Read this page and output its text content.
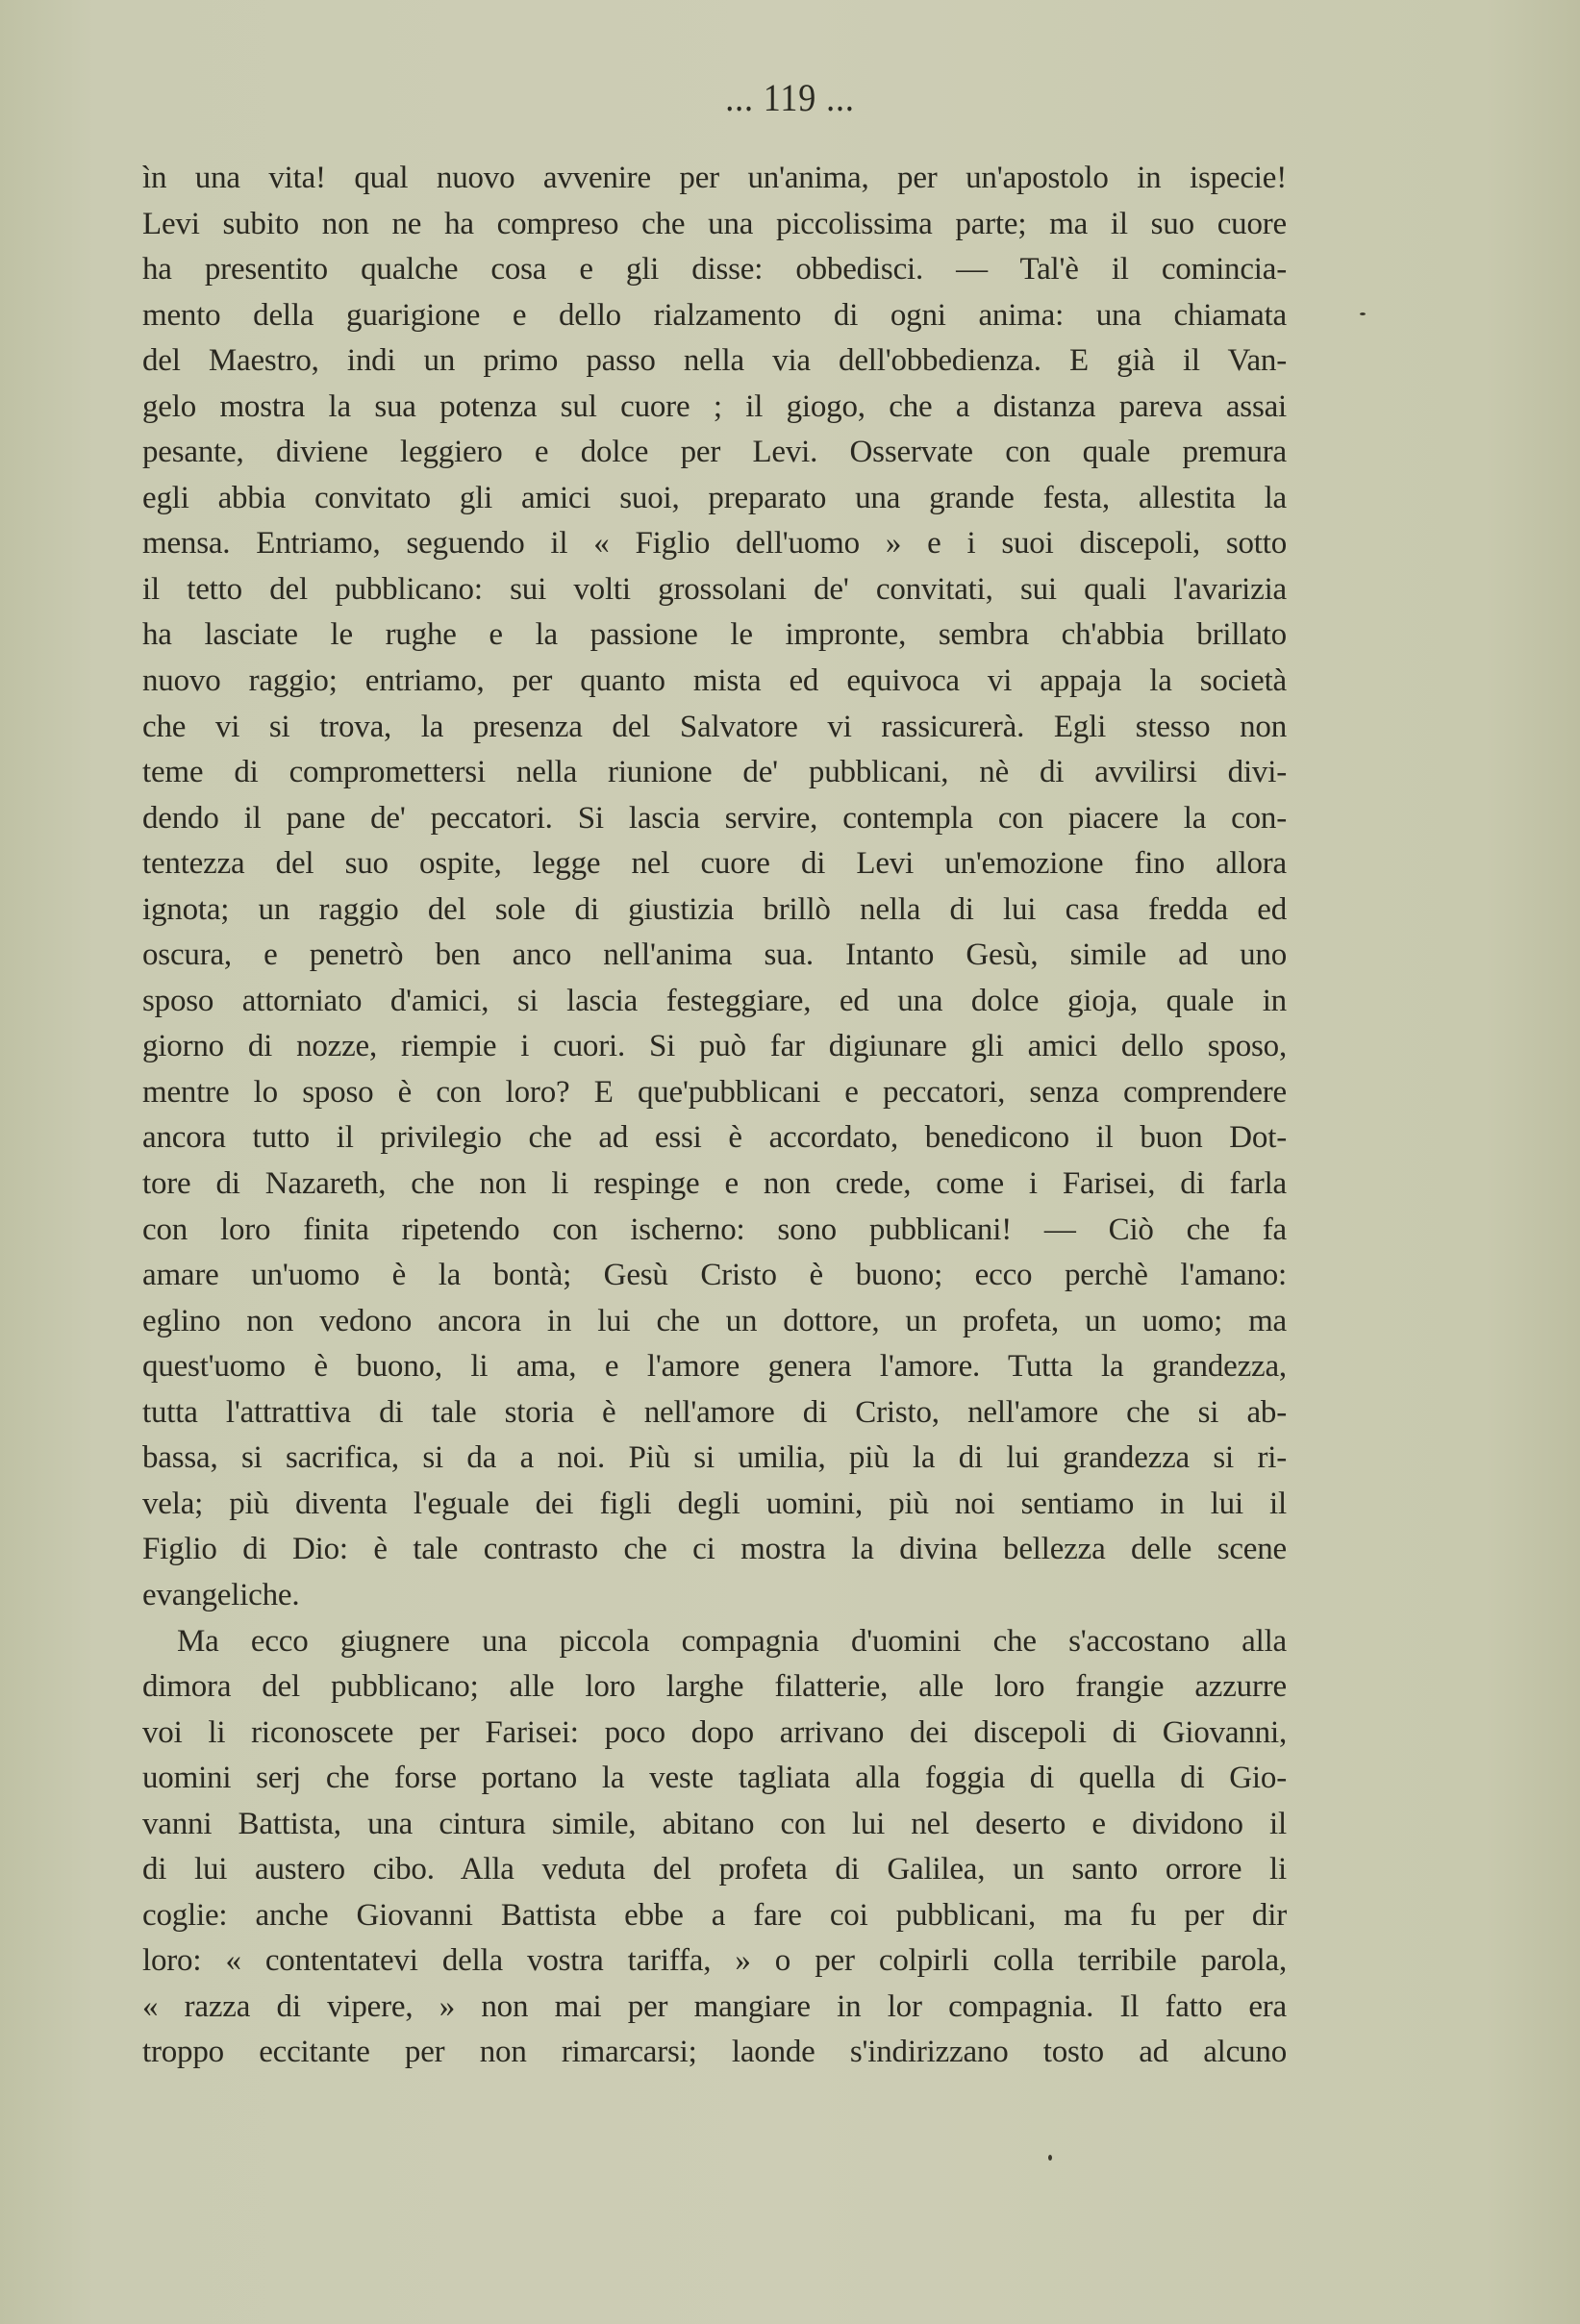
... 119 ...
ìn una vita! qual nuovo avvenire per un'anima, per un'apostolo in ispecie!
Levi subito non ne ha compreso che una piccolissima parte; ma il suo cuore
ha presentito qualche cosa e gli disse: obbedisci. — Tal'è il comincia-
mento della guarigione e dello rialzamento di ogni anima: una chiamata
del Maestro, indi un primo passo nella via dell'obbedienza. E già il Van-
gelo mostra la sua potenza sul cuore ; il giogo, che a distanza pareva assai
pesante, diviene leggiero e dolce per Levi. Osservate con quale premura
egli abbia convitato gli amici suoi, preparato una grande festa, allestita la
mensa. Entriamo, seguendo il « Figlio dell'uomo » e i suoi discepoli, sotto
il tetto del pubblicano: sui volti grossolani de' convitati, sui quali l'avarizia
ha lasciate le rughe e la passione le impronte, sembra ch'abbia brillato
nuovo raggio; entriamo, per quanto mista ed equivoca vi appaja la società
che vi si trova, la presenza del Salvatore vi rassicurerà. Egli stesso non
teme di compromettersi nella riunione de' pubblicani, nè di avvilirsi divi-
dendo il pane de' peccatori. Si lascia servire, contempla con piacere la con-
tentezza del suo ospite, legge nel cuore di Levi un'emozione fino allora
ignota; un raggio del sole di giustizia brillò nella di lui casa fredda ed
oscura, e penetrò ben anco nell'anima sua. Intanto Gesù, simile ad uno
sposo attorniato d'amici, si lascia festeggiare, ed una dolce gioja, quale in
giorno di nozze, riempie i cuori. Si può far digiunare gli amici dello sposo,
mentre lo sposo è con loro? E que'pubblicani e peccatori, senza comprendere
ancora tutto il privilegio che ad essi è accordato, benedicono il buon Dot-
tore di Nazareth, che non li respinge e non crede, come i Farisei, di farla
con loro finita ripetendo con ischerno: sono pubblicani! — Ciò che fa
amare un'uomo è la bontà; Gesù Cristo è buono; ecco perchè l'amano:
eglino non vedono ancora in lui che un dottore, un profeta, un uomo; ma
quest'uomo è buono, li ama, e l'amore genera l'amore. Tutta la grandezza,
tutta l'attrattiva di tale storia è nell'amore di Cristo, nell'amore che si ab-
bassa, si sacrifica, si da a noi. Più si umilia, più la di lui grandezza si ri-
vela; più diventa l'eguale dei figli degli uomini, più noi sentiamo in lui il
Figlio di Dio: è tale contrasto che ci mostra la divina bellezza delle scene
evangeliche.
Ma ecco giugnere una piccola compagnia d'uomini che s'accostano alla
dimora del pubblicano; alle loro larghe filatterie, alle loro frangie azzurre
voi li riconoscete per Farisei: poco dopo arrivano dei discepoli di Giovanni,
uomini serj che forse portano la veste tagliata alla foggia di quella di Gio-
vanni Battista, una cintura simile, abitano con lui nel deserto e dividono il
di lui austero cibo. Alla veduta del profeta di Galilea, un santo orrore li
coglie: anche Giovanni Battista ebbe a fare coi pubblicani, ma fu per dir
loro: « contentatevi della vostra tariffa, » o per colpirli colla terribile parola,
« razza di vipere, » non mai per mangiare in lor compagnia. Il fatto era
troppo eccitante per non rimarcarsi; laonde s'indirizzano tosto ad alcuno
